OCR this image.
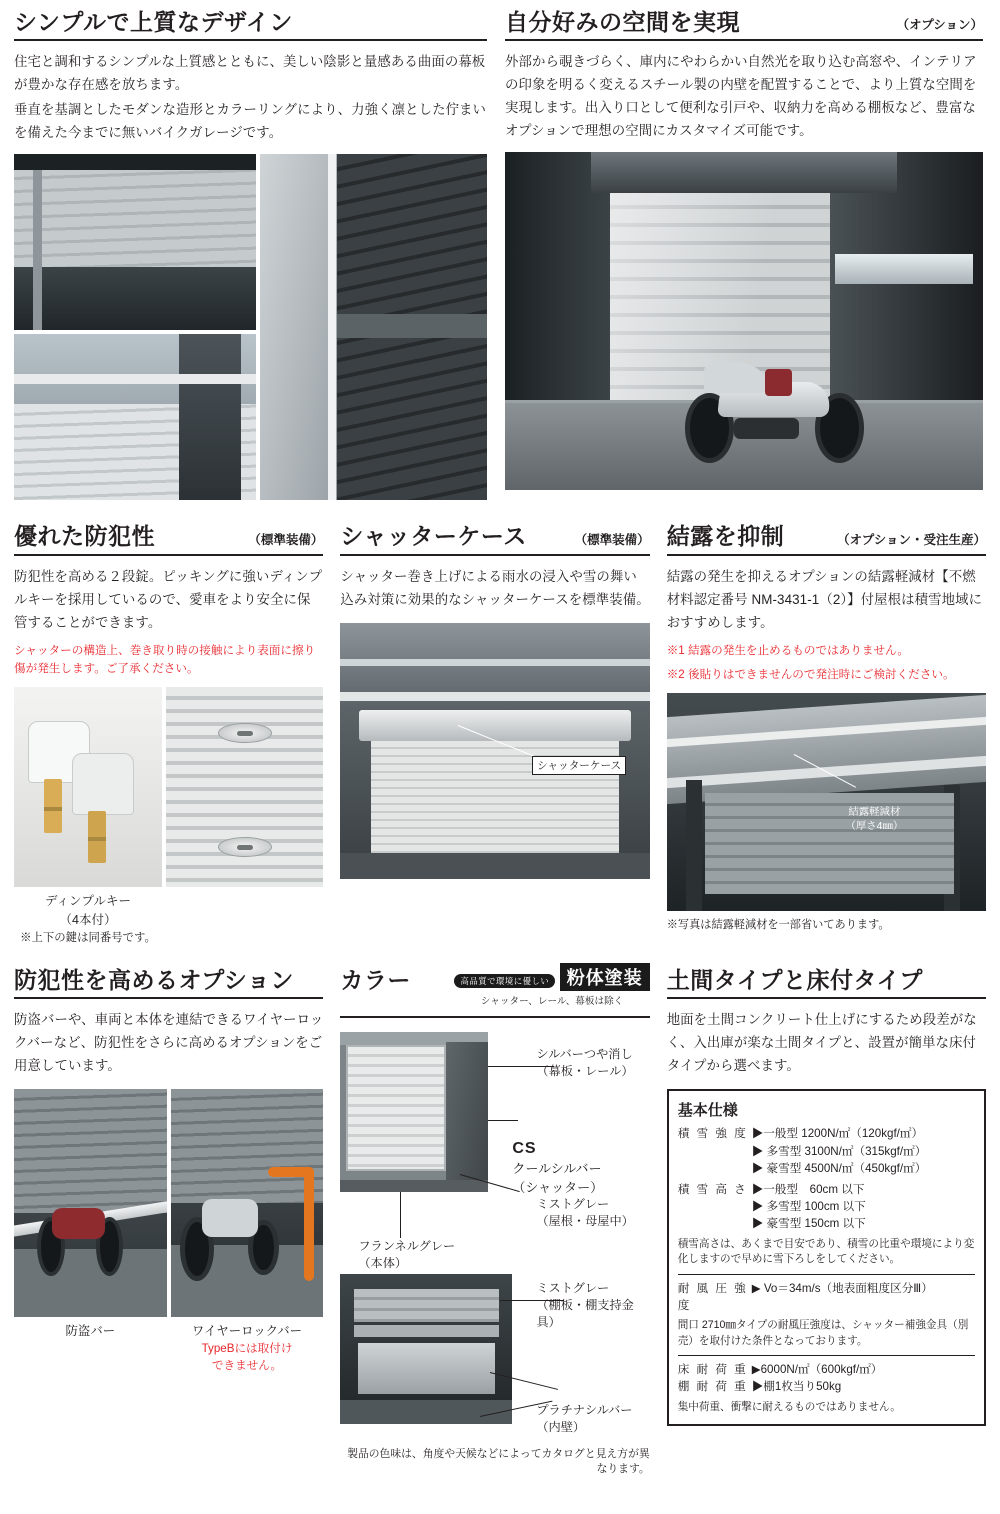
シンプルで上質なデザイン
住宅と調和するシンプルな上質感とともに、美しい陰影と量感ある曲面の幕板が豊かな存在感を放ちます。
垂直を基調としたモダンな造形とカラーリングにより、力強く凛とした佇まいを備えた今までに無いバイクガレージです。
自分好みの空間を実現	（オプション）
外部から覗きづらく、庫内にやわらかい自然光を取り込む高窓や、インテリアの印象を明るく変えるスチール製の内壁を配置することで、より上質な空間を実現します。出入り口として便利な引戸や、収納力を高める棚板など、豊富なオプションで理想の空間にカスタマイズ可能です。
優れた防犯性	（標準装備）
防犯性を高める２段錠。ピッキングに強いディンプルキーを採用しているので、愛車をより安全に保管することができます。
シャッターの構造上、巻き取り時の接触により表面に擦り傷が発生します。ご了承ください。
ディンプルキー
（4本付）
※上下の鍵は同番号です。
シャッターケース	（標準装備）
シャッター巻き上げによる雨水の浸入や雪の舞い込み対策に効果的なシャッターケースを標準装備。
シャッターケース
結露を抑制	（オプション・受注生産）
結露の発生を抑えるオプションの結露軽減材【不燃材料認定番号 NM-3431-1（2）】付屋根は積雪地域におすすめします。
※1 結露の発生を止めるものではありません。
※2 後貼りはできませんので発注時にご検討ください。
結露軽減材
（厚さ4㎜）
※写真は結露軽減材を一部省いてあります。
防犯性を高めるオプション
防盗バーや、車両と本体を連結できるワイヤーロックバーなど、防犯性をさらに高めるオプションをご用意しています。
防盗バー	ワイヤーロックバー
TypeBには取付け
できません。
カラー	高品質で環境に優しい 粉体塗装
シャッター、レール、幕板は除く
シルバーつや消し
（幕板・レール）
CS
クールシルバー
（シャッター）
フランネルグレー
（本体）
ミストグレー
（屋根・母屋中）
ミストグレー
（棚板・棚支持金具）
プラチナシルバー
（内壁）
製品の色味は、角度や天候などによってカタログと見え方が異なります。
土間タイプと床付タイプ
地面を土間コンクリート仕上げにするため段差がなく、入出庫が楽な土間タイプと、設置が簡単な床付タイプから選べます。
基本仕様
積 雪 強 度 ▶一般型 1200N/㎡（120kgf/㎡）
▶ 多雪型 3100N/㎡（315kgf/㎡）
▶ 豪雪型 4500N/㎡（450kgf/㎡）
積 雪 高 さ ▶一般型　60cm 以下
▶ 多雪型 100cm 以下
▶ 豪雪型 150cm 以下
積雪高さは、あくまで目安であり、積雪の比重や環境により変化しますので早めに雪下ろしをしてください。
耐 風 圧 強 度
▶ Vo＝34m/s（地表面粗度区分Ⅲ）
間口 2710㎜タイプの耐風圧強度は、シャッター補強金具（別売）を取付けた条件となっております。
床 耐 荷 重 ▶6000N/㎡（600kgf/㎡）
棚 耐 荷 重 ▶棚1枚当り50kg
集中荷重、衝撃に耐えるものではありません。
